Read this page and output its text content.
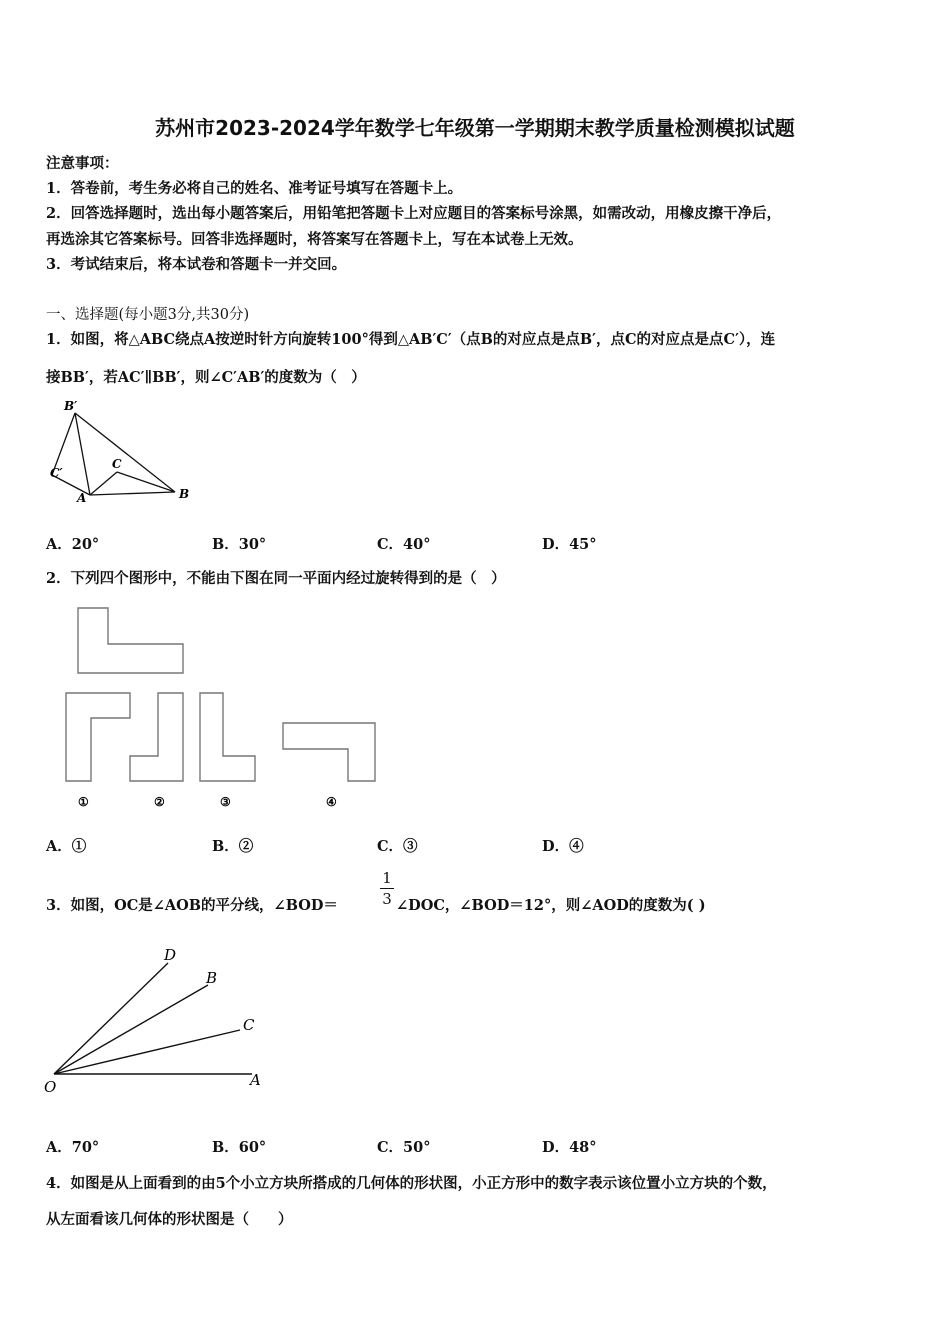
苏州市2023-2024学年数学七年级第一学期期末教学质量检测模拟试题
注意事项：
1．答卷前，考生务必将自己的姓名、准考证号填写在答题卡上。
2．回答选择题时，选出每小题答案后，用铅笔把答题卡上对应题目的答案标号涂黑，如需改动，用橡皮擦干净后，
再选涂其它答案标号。回答非选择题时，将答案写在答题卡上，写在本试卷上无效。
3．考试结束后，将本试卷和答题卡一并交回。
一、选择题(每小题3分,共30分)
1．如图，将△ABC绕点A按逆时针方向旋转100°得到△AB′C′（点B的对应点是点B′，点C的对应点是点C′），连
接BB′，若AC′∥BB′，则∠C′AB′的度数为（　）
B′
C′
C
A	B
A．20°	B．30°	C．40°	D．45°
2．下列四个图形中，不能由下图在同一平面内经过旋转得到的是（　）
①	②	③	④
A．①	B．②	C．③	D．④
3．如图，OC是∠AOB的平分线，∠BOD＝
1
3 ∠DOC，∠BOD＝12°，则∠AOD的度数为( )
D
B
C
O	A
A．70°	B．60°	C．50°	D．48°
4．如图是从上面看到的由5个小立方块所搭成的几何体的形状图，小正方形中的数字表示该位置小立方块的个数，
从左面看该几何体的形状图是（　　）
